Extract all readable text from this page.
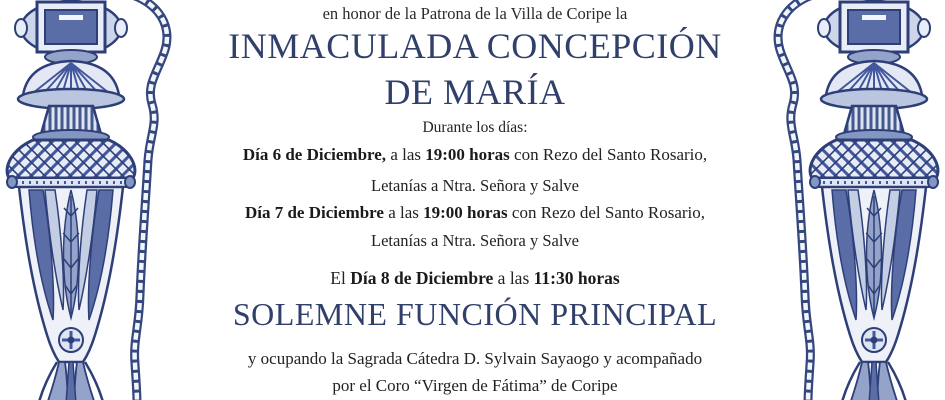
en honor de la Patrona de la Villa de Coripe la
INMACULADA CONCEPCIÓN
DE MARÍA
Durante los días:
Día 6 de Diciembre, a las 19:00 horas con Rezo del Santo Rosario,
Letanías a Ntra. Señora y Salve
Día 7 de Diciembre a las 19:00 horas con Rezo del Santo Rosario,
Letanías a Ntra. Señora y Salve
El Día 8 de Diciembre a las 11:30 horas
SOLEMNE FUNCIÓN PRINCIPAL
y ocupando la Sagrada Cátedra D. Sylvain Sayaogo y acompañado
por el Coro “Virgen de Fátima” de Coripe
